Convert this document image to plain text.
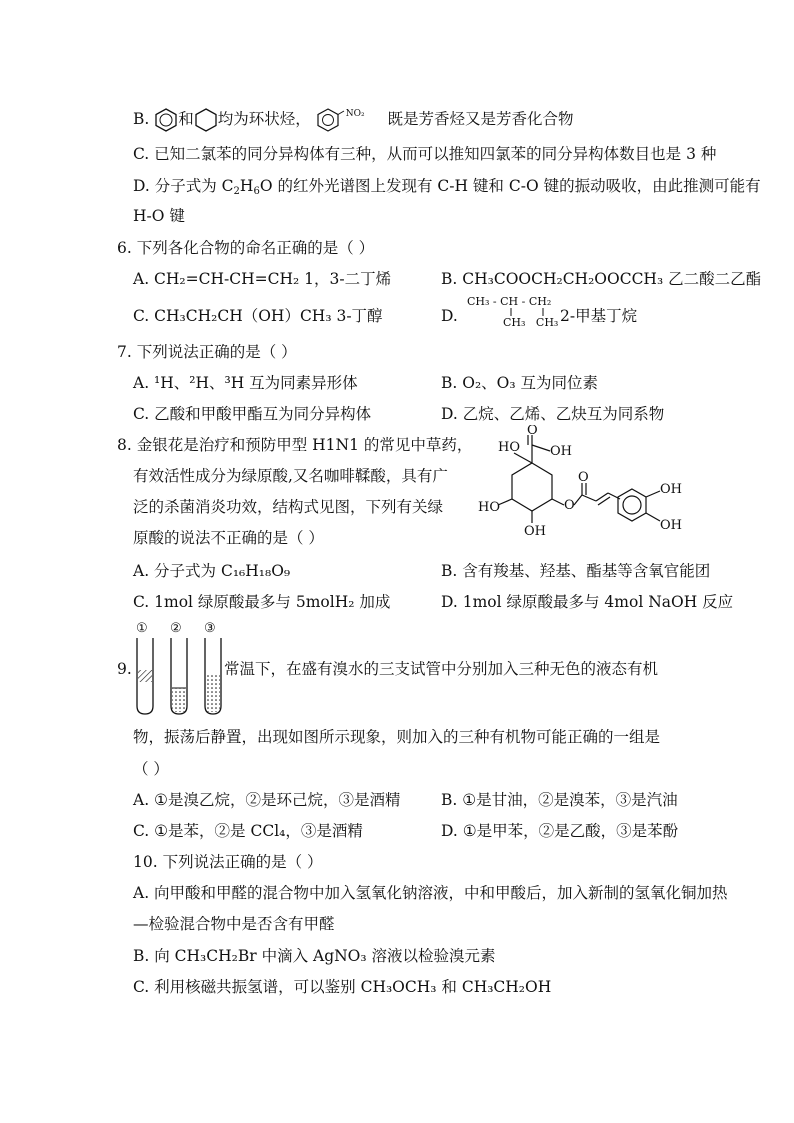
B. 和 均为环状烃，	$^{NO_2}$ 既是芳香烃又是芳香化合物
C. 已知二氯苯的同分异构体有三种，从而可以推知四氯苯的同分异构体数目也是 3 种
D. 分子式为 $C_2H_6O$ 的红外光谱图上发现有 C-H 键和 C-O 键的振动吸收，由此推测可能有
H-O 键
6. 下列各化合物的命名正确的是（ ）
A. CH₂=CH-CH=CH₂ 1，3-二丁烯	B. CH₃COOCH₂CH₂OOCCH₃ 乙二酸二乙酯
C. CH₃CH₂CH（OH）CH₃ 3-丁醇	D.
CH₃ - CH - CH₂
CH₃   CH₃ 2-甲基丁烷
7. 下列说法正确的是（ ）
A. ¹H、²H、³H 互为同素异形体	B. O₂、O₃ 互为同位素
C. 乙酸和甲酸甲酯互为同分异构体	D. 乙烷、乙烯、乙炔互为同系物
8. 金银花是治疗和预防甲型 H1N1 的常见中草药，
有效活性成分为绿原酸,又名咖啡鞣酸，具有广
泛的杀菌消炎功效，结构式见图，下列有关绿
原酸的说法不正确的是（ ）
HO
O
OH
O
O
HO
OH
OH
OH
A. 分子式为 C₁₆H₁₈O₉	B. 含有羧基、羟基、酯基等含氧官能团
C. 1mol 绿原酸最多与 5molH₂ 加成	D. 1mol 绿原酸最多与 4mol NaOH 反应
9.
① ② ③
常温下，在盛有溴水的三支试管中分别加入三种无色的液态有机
物，振荡后静置，出现如图所示现象，则加入的三种有机物可能正确的一组是
（ ）
A. ①是溴乙烷，②是环己烷，③是酒精	B. ①是甘油，②是溴苯，③是汽油
C. ①是苯，②是 CCl₄，③是酒精	D. ①是甲苯，②是乙酸，③是苯酚
10. 下列说法正确的是（ ）
A. 向甲酸和甲醛的混合物中加入氢氧化钠溶液，中和甲酸后，加入新制的氢氧化铜加热
—检验混合物中是否含有甲醛
B. 向 CH₃CH₂Br 中滴入 AgNO₃ 溶液以检验溴元素
C. 利用核磁共振氢谱，可以鉴别 CH₃OCH₃ 和 CH₃CH₂OH
